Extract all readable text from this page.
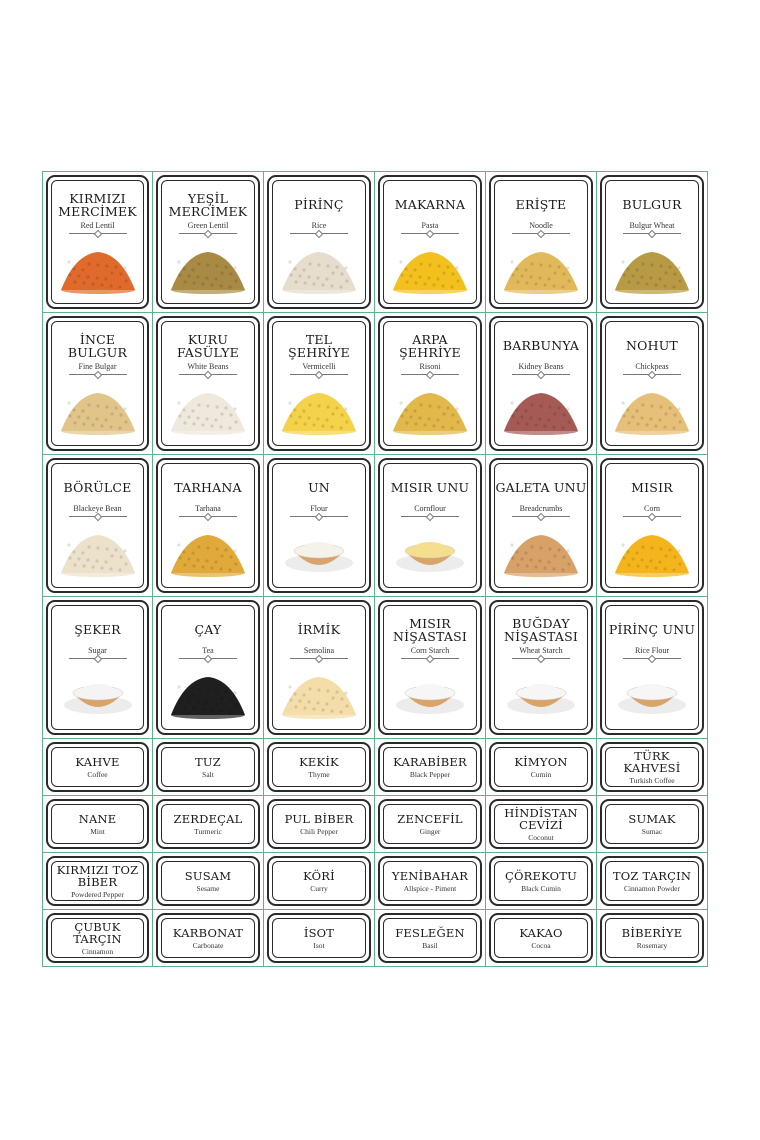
KIRMIZI MERCİMEK
Red Lentil
YEŞİL MERCİMEK
Green Lentil
PİRİNÇ
Rice
MAKARNA
Pasta
ERİŞTE
Noodle
BULGUR
Bulgur Wheat
İNCE BULGUR
Fine Bulgar
KURU FASÜLYE
White Beans
TEL ŞEHRİYE
Vermicelli
ARPA ŞEHRİYE
Risoni
BARBUNYA
Kidney Beans
NOHUT
Chickpeas
BÖRÜLCE
Blackeye Bean
TARHANA
Tarhana
UN
Flour
MISIR UNU
Cornflour
GALETA UNU
Breadcrumbs
MISIR
Corn
ŞEKER
Sugar
ÇAY
Tea
İRMİK
Semolina
MISIR NİŞASTASI
Corn Starch
BUĞDAY NİŞASTASI
Wheat Starch
PİRİNÇ UNU
Rice Flour
KAHVE
Coffee
TUZ
Salt
KEKİK
Thyme
KARABİBER
Black Pepper
KİMYON
Cumin
TÜRK KAHVESİ
Turkish Coffee
NANE
Mint
ZERDEÇAL
Turmeric
PUL BİBER
Chili Pepper
ZENCEFİL
Ginger
HİNDİSTAN CEVİZİ
Coconut
SUMAK
Sumac
KIRMIZI TOZ BİBER
Powdered Pepper
SUSAM
Sesame
KÖRİ
Curry
YENİBAHAR
Allspice - Piment
ÇÖREKOTU
Black Cumin
TOZ TARÇIN
Cinnamon Powder
ÇUBUK TARÇIN
Cinnamon
KARBONAT
Carbonate
İSOT
Isot
FESLEĞEN
Basil
KAKAO
Cocoa
BİBERİYE
Rosemary
